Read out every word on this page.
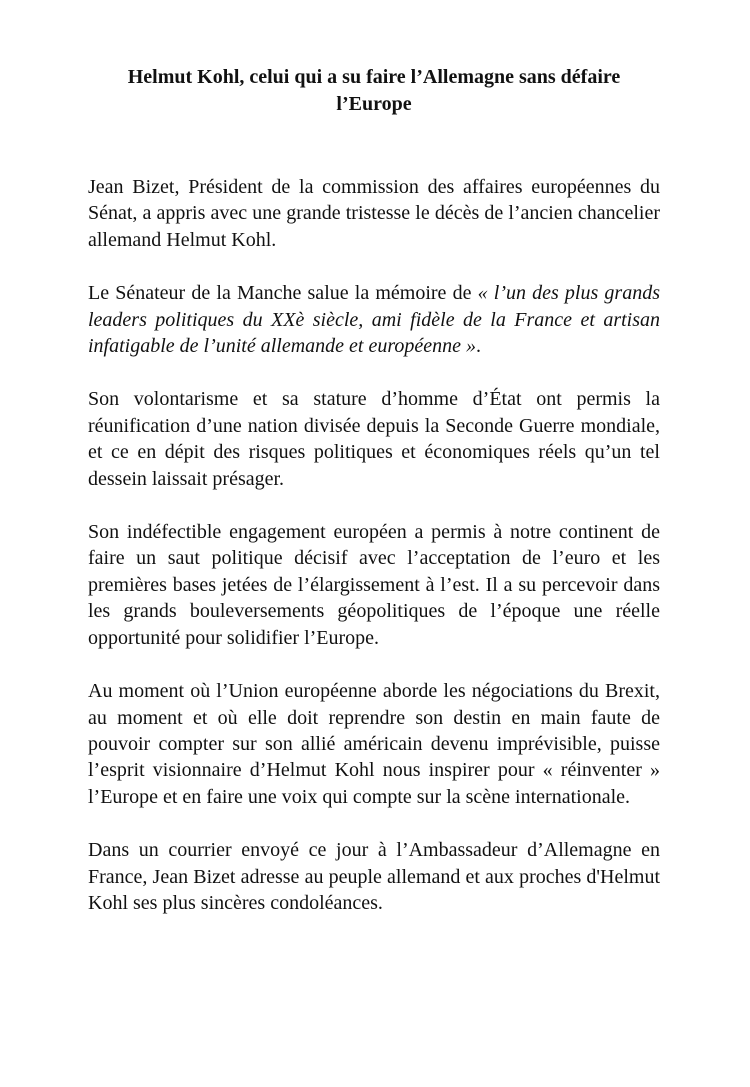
Helmut Kohl, celui qui a su faire l’Allemagne sans défaire l’Europe

Jean Bizet, Président de la commission des affaires européennes du Sénat, a appris avec une grande tristesse le décès de l’ancien chancelier allemand Helmut Kohl.

Le Sénateur de la Manche salue la mémoire de « l’un des plus grands leaders politiques du XXè siècle, ami fidèle de la France et artisan infatigable de l’unité allemande et européenne ».

Son volontarisme et sa stature d’homme d’État ont permis la réunification d’une nation divisée depuis la Seconde Guerre mondiale, et ce en dépit des risques politiques et économiques réels qu’un tel dessein laissait présager.

Son indéfectible engagement européen a permis à notre continent de faire un saut politique décisif avec l’acceptation de l’euro et les premières bases jetées de l’élargissement à l’est. Il a su percevoir dans les grands bouleversements géopolitiques de l’époque une réelle opportunité pour solidifier l’Europe.

Au moment où l’Union européenne aborde les négociations du Brexit, au moment et où elle doit reprendre son destin en main faute de pouvoir compter sur son allié américain devenu imprévisible, puisse l’esprit visionnaire d’Helmut Kohl nous inspirer pour « réinventer » l’Europe et en faire une voix qui compte sur la scène internationale.

Dans un courrier envoyé ce jour à l’Ambassadeur d’Allemagne en France, Jean Bizet adresse au peuple allemand et aux proches d'Helmut Kohl ses plus sincères condoléances.
